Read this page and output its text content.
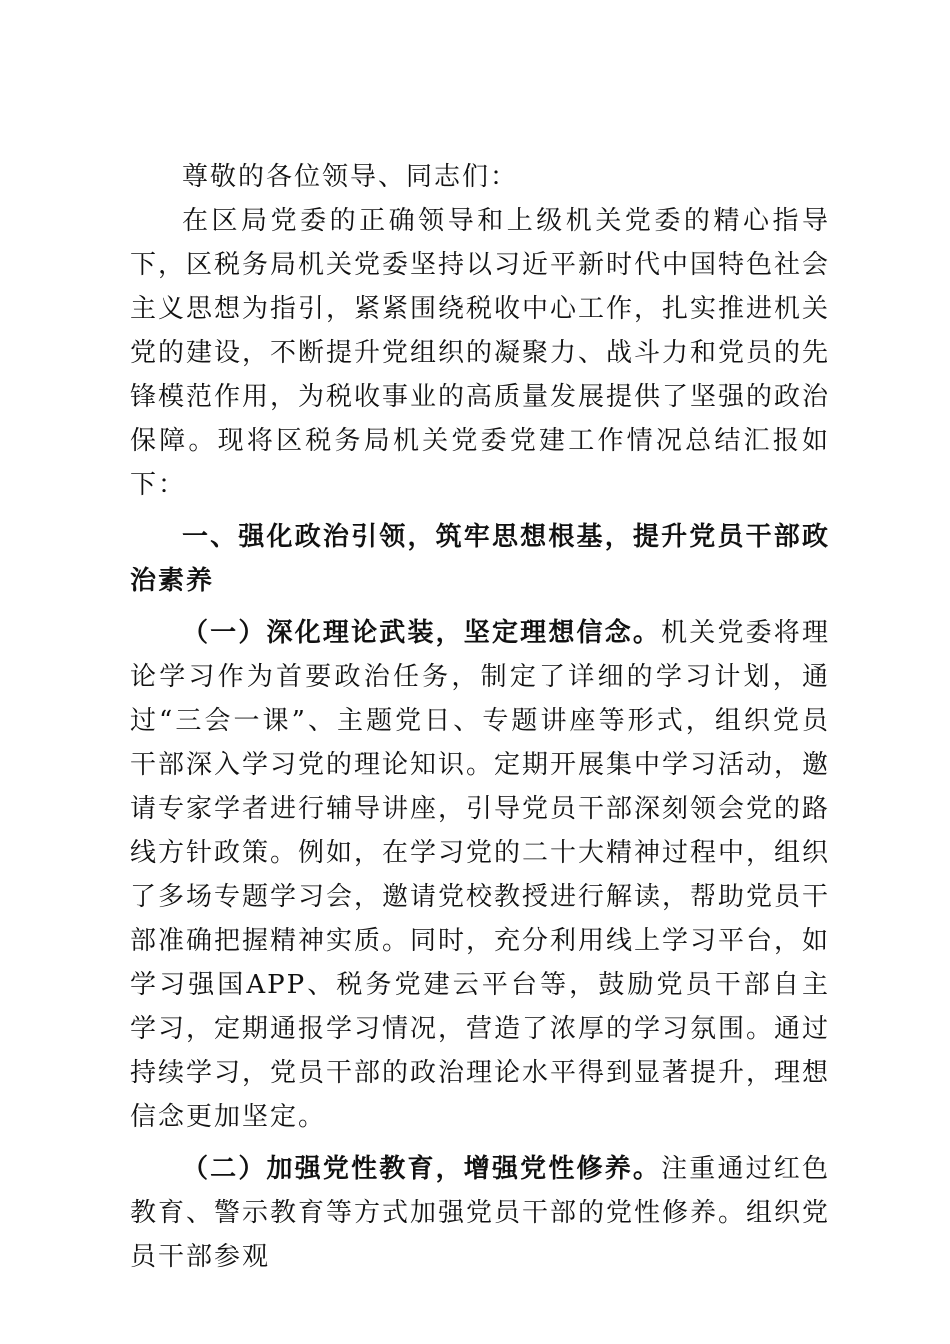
尊敬的各位领导、同志们：

在区局党委的正确领导和上级机关党委的精心指导下，区税务局机关党委坚持以习近平新时代中国特色社会主义思想为指引，紧紧围绕税收中心工作，扎实推进机关党的建设，不断提升党组织的凝聚力、战斗力和党员的先锋模范作用，为税收事业的高质量发展提供了坚强的政治保障。现将区税务局机关党委党建工作情况总结汇报如下：

一、强化政治引领，筑牢思想根基，提升党员干部政治素养

（一）深化理论武装，坚定理想信念。机关党委将理论学习作为首要政治任务，制定了详细的学习计划，通过“三会一课”、主题党日、专题讲座等形式，组织党员干部深入学习党的理论知识。定期开展集中学习活动，邀请专家学者进行辅导讲座，引导党员干部深刻领会党的路线方针政策。例如，在学习党的二十大精神过程中，组织了多场专题学习会，邀请党校教授进行解读，帮助党员干部准确把握精神实质。同时，充分利用线上学习平台，如学习强国APP、税务党建云平台等，鼓励党员干部自主学习，定期通报学习情况，营造了浓厚的学习氛围。通过持续学习，党员干部的政治理论水平得到显著提升，理想信念更加坚定。

（二）加强党性教育，增强党性修养。注重通过红色教育、警示教育等方式加强党员干部的党性修养。组织党员干部参观
